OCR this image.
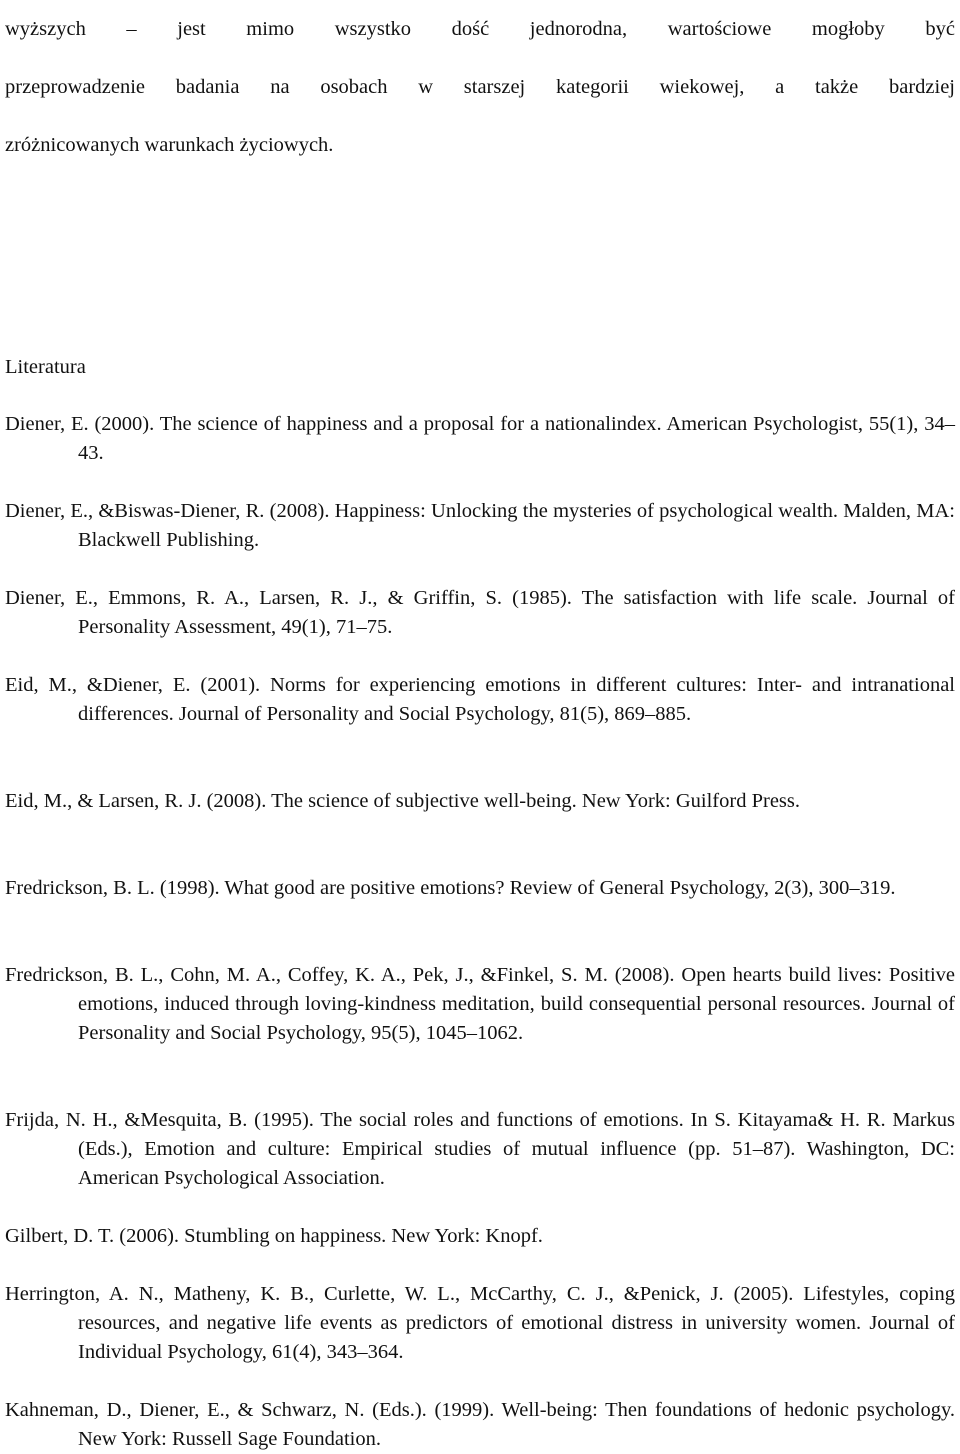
wyższych – jest mimo wszystko dość jednorodna, wartościowe mogłoby być

przeprowadzenie badania na osobach w starszej kategorii wiekowej, a także bardziej

zróżnicowanych warunkach życiowych.

Literatura

Diener, E. (2000). The science of happiness and a proposal for a nationalindex. American Psychologist, 55(1), 34–43.

Diener, E., &Biswas-Diener, R. (2008). Happiness: Unlocking the mysteries of psychological wealth. Malden, MA: Blackwell Publishing.

Diener, E., Emmons, R. A., Larsen, R. J., & Griffin, S. (1985). The satisfaction with life scale. Journal of Personality Assessment, 49(1), 71–75.

Eid, M., &Diener, E. (2001). Norms for experiencing emotions in different cultures: Inter- and intranational differences. Journal of Personality and Social Psychology, 81(5), 869–885.

Eid, M., & Larsen, R. J. (2008). The science of subjective well-being. New York: Guilford Press.

Fredrickson, B. L. (1998). What good are positive emotions? Review of General Psychology, 2(3), 300–319.

Fredrickson, B. L., Cohn, M. A., Coffey, K. A., Pek, J., &Finkel, S. M. (2008). Open hearts build lives: Positive emotions, induced through loving-kindness meditation, build consequential personal resources. Journal of Personality and Social Psychology, 95(5), 1045–1062.

Frijda, N. H., &Mesquita, B. (1995). The social roles and functions of emotions. In S. Kitayama& H. R. Markus (Eds.), Emotion and culture: Empirical studies of mutual influence (pp. 51–87). Washington, DC: American Psychological Association.

Gilbert, D. T. (2006). Stumbling on happiness. New York: Knopf.

Herrington, A. N., Matheny, K. B., Curlette, W. L., McCarthy, C. J., &Penick, J. (2005). Lifestyles, coping resources, and negative life events as predictors of emotional distress in university women. Journal of Individual Psychology, 61(4), 343–364.

Kahneman, D., Diener, E., & Schwarz, N. (Eds.). (1999). Well-being: Then foundations of hedonic psychology. New York: Russell Sage Foundation.
